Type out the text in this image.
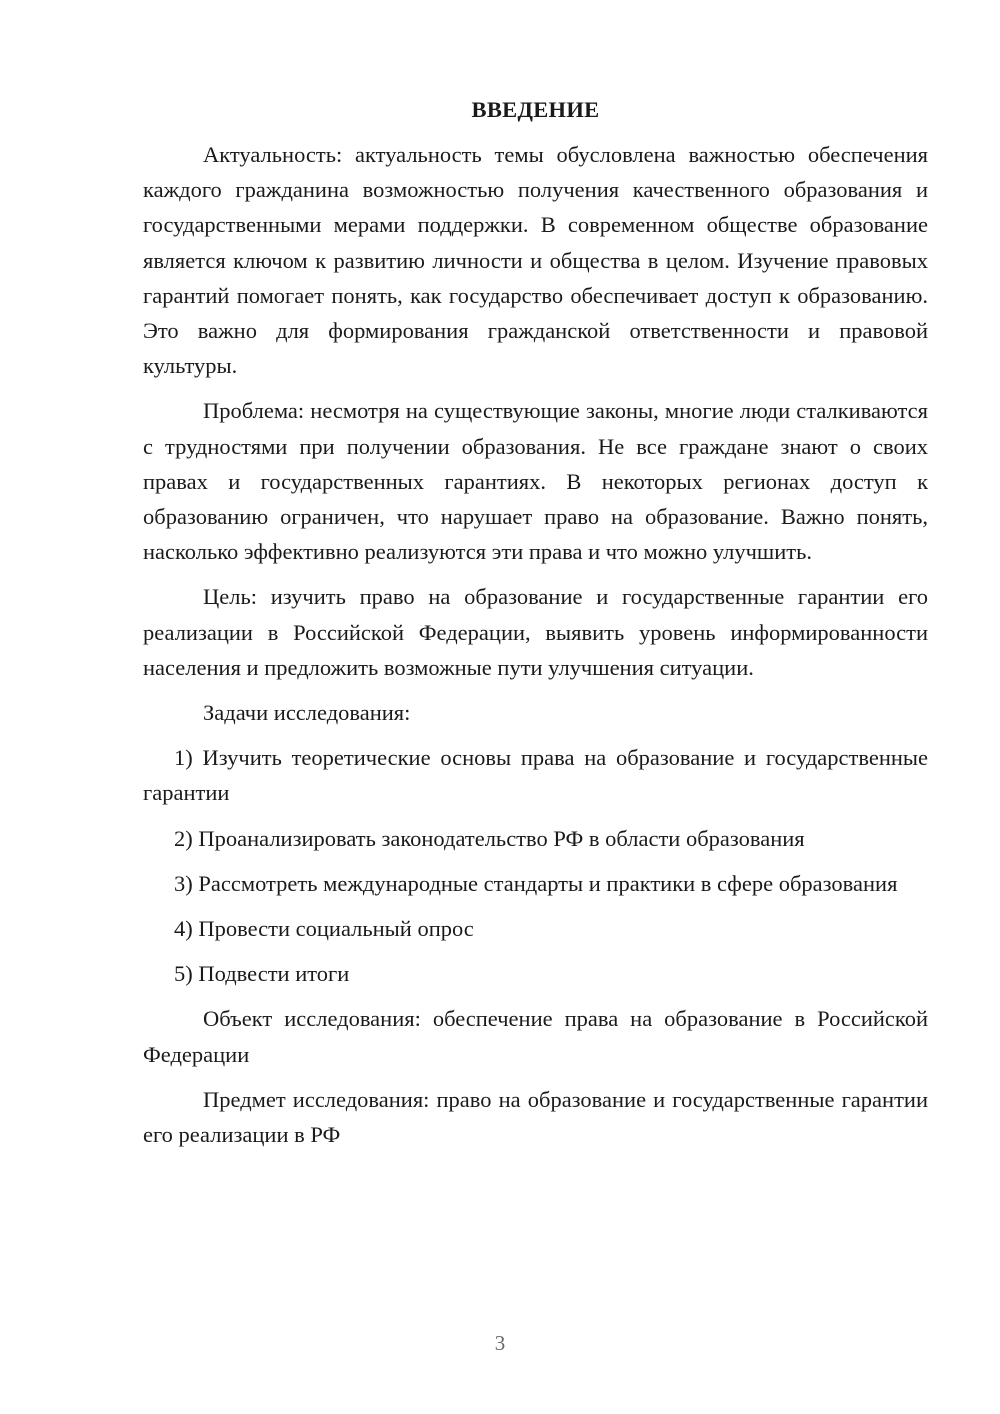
ВВЕДЕНИЕ

Актуальность: актуальность темы обусловлена важностью обеспечения каждого гражданина возможностью получения качественного образования и государственными мерами поддержки. В современном обществе образование является ключом к развитию личности и общества в целом. Изучение правовых гарантий помогает понять, как государство обеспечивает доступ к образованию. Это важно для формирования гражданской ответственности и правовой культуры.

Проблема: несмотря на существующие законы, многие люди сталкиваются с трудностями при получении образования. Не все граждане знают о своих правах и государственных гарантиях. В некоторых регионах доступ к образованию ограничен, что нарушает право на образование. Важно понять, насколько эффективно реализуются эти права и что можно улучшить.

Цель: изучить право на образование и государственные гарантии его реализации в Российской Федерации, выявить уровень информированности населения и предложить возможные пути улучшения ситуации.

Задачи исследования:

1) Изучить теоретические основы права на образование и государственные гарантии

2) Проанализировать законодательство РФ в области образования

3) Рассмотреть международные стандарты и практики в сфере образования

4) Провести социальный опрос

5) Подвести итоги

Объект исследования: обеспечение права на образование в Российской Федерации

Предмет исследования: право на образование и государственные гарантии его реализации в РФ

3
